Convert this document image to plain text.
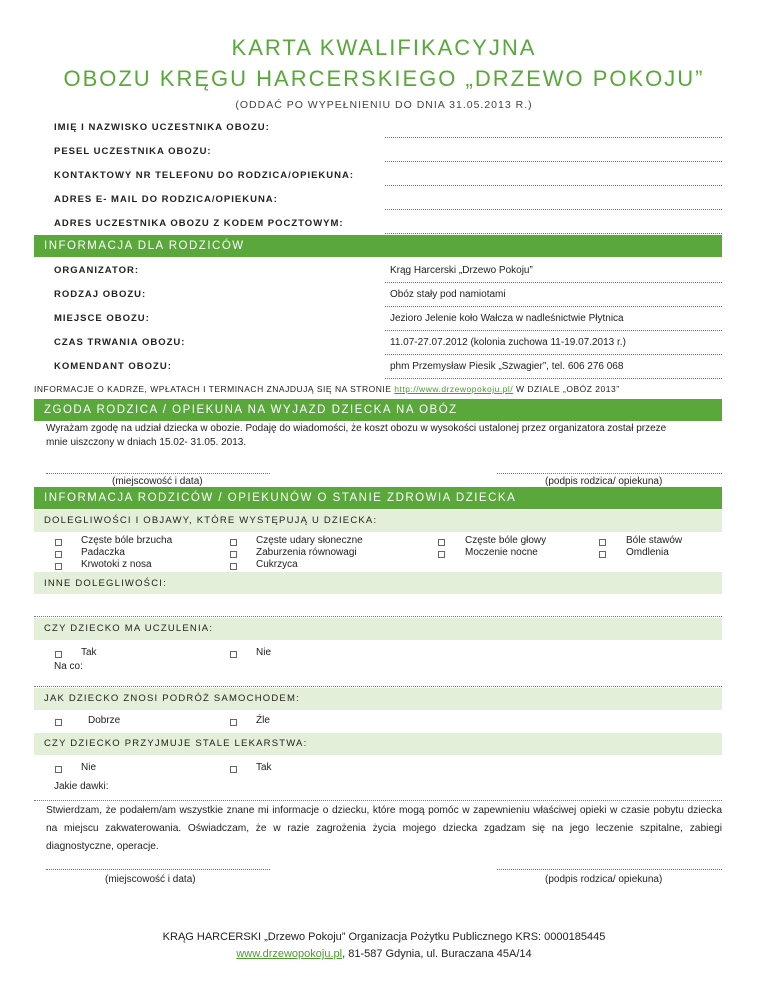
KARTA KWALIFIKACYJNA
OBOZU KRĘGU HARCERSKIEGO „DRZEWO POKOJU”
(ODDAĆ PO WYPEŁNIENIU DO DNIA 31.05.2013 R.)
IMIĘ I NAZWISKO UCZESTNIKA OBOZU:
PESEL UCZESTNIKA OBOZU:
KONTAKTOWY NR TELEFONU DO RODZICA/OPIEKUNA:
ADRES E- MAIL DO RODZICA/OPIEKUNA:
ADRES UCZESTNIKA OBOZU Z KODEM POCZTOWYM:
INFORMACJA DLA RODZICÓW
ORGANIZATOR:	Krąg Harcerski „Drzewo Pokoju”
RODZAJ OBOZU:	Obóz stały pod namiotami
MIEJSCE OBOZU:	Jezioro Jelenie koło Wałcza w nadleśnictwie Płytnica
CZAS TRWANIA OBOZU:	11.07-27.07.2012 (kolonia zuchowa 11-19.07.2013 r.)
KOMENDANT OBOZU:	phm Przemysław Piesik „Szwagier”, tel. 606 276 068
INFORMACJE O KADRZE, WPŁATACH I TERMINACH ZNAJDUJĄ SIĘ NA STRONIE http://www.drzewopokoju.pl/ W DZIALE „OBÓZ 2013”
ZGODA RODZICA / OPIEKUNA NA WYJAZD DZIECKA NA OBÓZ
Wyrażam zgodę na udział dziecka w obozie. Podaję do wiadomości, że koszt obozu w wysokości ustalonej przez organizatora został przeze
mnie uiszczony w dniach 15.02- 31.05. 2013.
(miejscowość i data)	(podpis rodzica/ opiekuna)
INFORMACJA RODZICÓW / OPIEKUNÓW O STANIE ZDROWIA DZIECKA
DOLEGLIWOŚCI I OBJAWY, KTÓRE WYSTĘPUJĄ U DZIECKA:
Częste bóle brzucha
Padaczka
Krwotoki z nosa
Częste udary słoneczne
Zaburzenia równowagi
Cukrzyca
Częste bóle głowy
Moczenie nocne
Bóle stawów
Omdlenia
INNE DOLEGLIWOŚCI:
CZY DZIECKO MA UCZULENIA:
Tak	Nie
Na co:
JAK DZIECKO ZNOSI PODRÓŻ SAMOCHODEM:
Dobrze	Źle
CZY DZIECKO PRZYJMUJE STALE LEKARSTWA:
Nie	Tak
Jakie dawki:
Stwierdzam, że podałem/am wszystkie znane mi informacje o dziecku, które mogą pomóc w zapewnieniu właściwej opieki w czasie pobytu dziecka na miejscu zakwaterowania. Oświadczam, że w razie zagrożenia życia mojego dziecka zgadzam się na jego leczenie szpitalne, zabiegi diagnostyczne, operacje.
(miejscowość i data)	(podpis rodzica/ opiekuna)
KRĄG HARCERSKI „Drzewo Pokoju” Organizacja Pożytku Publicznego KRS: 0000185445
www.drzewopokoju.pl, 81-587 Gdynia, ul. Buraczana 45A/14
